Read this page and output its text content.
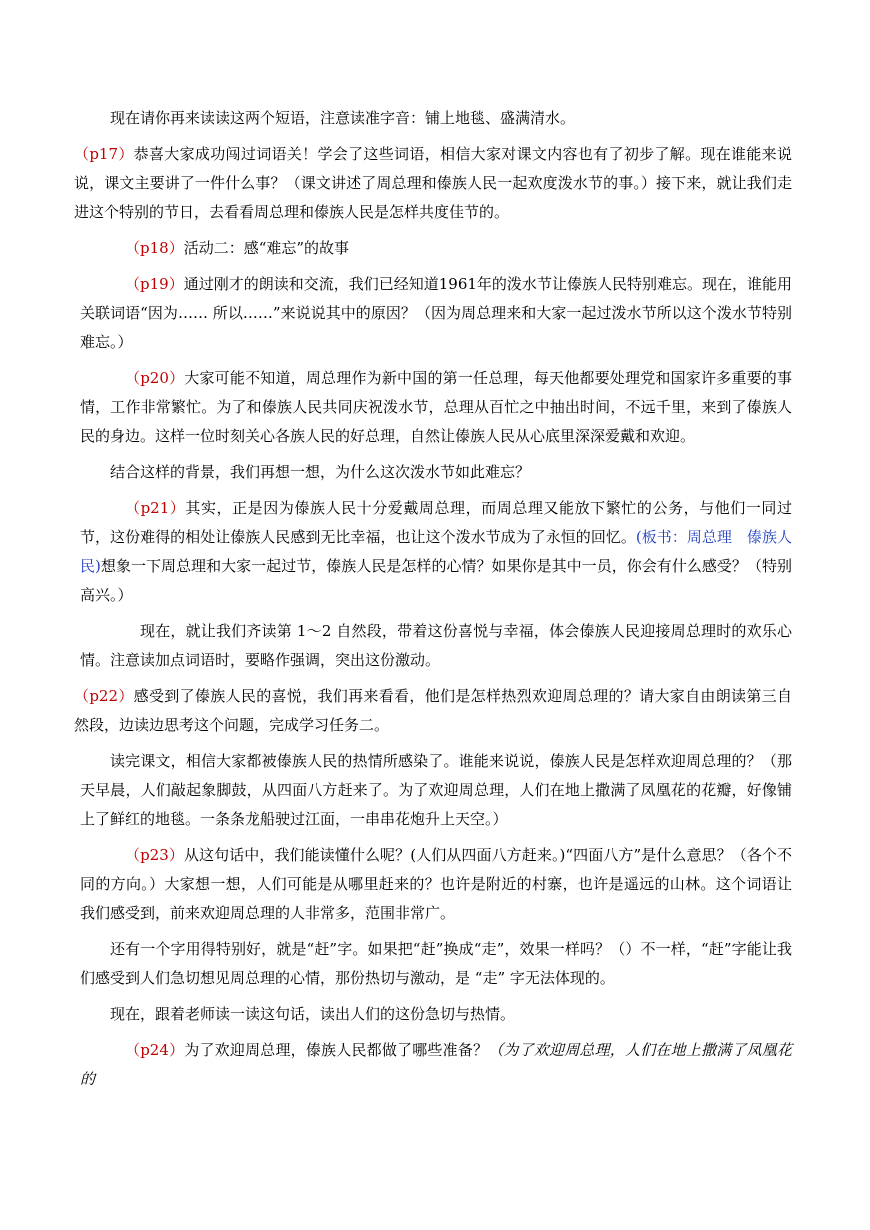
现在请你再来读读这两个短语，注意读准字音：铺上地毯、盛满清水。

（p17）恭喜大家成功闯过词语关！学会了这些词语，相信大家对课文内容也有了初步了解。现在谁能来说说，课文主要讲了一件什么事？（课文讲述了周总理和傣族人民一起欢度泼水节的事。）接下来，就让我们走进这个特别的节日，去看看周总理和傣族人民是怎样共度佳节的。

（p18）活动二：感“难忘”的故事

（p19）通过刚才的朗读和交流，我们已经知道1961年的泼水节让傣族人民特别难忘。现在，谁能用关联词语“因为…… 所以……”来说说其中的原因？（因为周总理来和大家一起过泼水节所以这个泼水节特别难忘。）

（p20）大家可能不知道，周总理作为新中国的第一任总理，每天他都要处理党和国家许多重要的事情，工作非常繁忙。为了和傣族人民共同庆祝泼水节，总理从百忙之中抽出时间，不远千里，来到了傣族人民的身边。这样一位时刻关心各族人民的好总理，自然让傣族人民从心底里深深爱戴和欢迎。

结合这样的背景，我们再想一想，为什么这次泼水节如此难忘？

（p21）其实，正是因为傣族人民十分爱戴周总理，而周总理又能放下繁忙的公务，与他们一同过节，这份难得的相处让傣族人民感到无比幸福，也让这个泼水节成为了永恒的回忆。(板书：周总理　傣族人民)想象一下周总理和大家一起过节，傣族人民是怎样的心情？如果你是其中一员，你会有什么感受？（特别高兴。）

现在，就让我们齐读第 1～2 自然段，带着这份喜悦与幸福，体会傣族人民迎接周总理时的欢乐心情。注意读加点词语时，要略作强调，突出这份激动。

（p22）感受到了傣族人民的喜悦，我们再来看看，他们是怎样热烈欢迎周总理的？请大家自由朗读第三自然段，边读边思考这个问题，完成学习任务二。

读完课文，相信大家都被傣族人民的热情所感染了。谁能来说说，傣族人民是怎样欢迎周总理的？（那天早晨，人们敲起象脚鼓，从四面八方赶来了。为了欢迎周总理，人们在地上撒满了凤凰花的花瓣，好像铺上了鲜红的地毯。一条条龙船驶过江面，一串串花炮升上天空。）

（p23）从这句话中，我们能读懂什么呢？(人们从四面八方赶来。)“四面八方”是什么意思？（各个不同的方向。）大家想一想，人们可能是从哪里赶来的？也许是附近的村寨，也许是遥远的山林。这个词语让我们感受到，前来欢迎周总理的人非常多，范围非常广。

还有一个字用得特别好，就是“赶”字。如果把“赶”换成“走”，效果一样吗？（）不一样，“赶”字能让我们感受到人们急切想见周总理的心情，那份热切与激动，是 “走” 字无法体现的。

现在，跟着老师读一读这句话，读出人们的这份急切与热情。

（p24）为了欢迎周总理，傣族人民都做了哪些准备？（为了欢迎周总理，人们在地上撒满了凤凰花的
